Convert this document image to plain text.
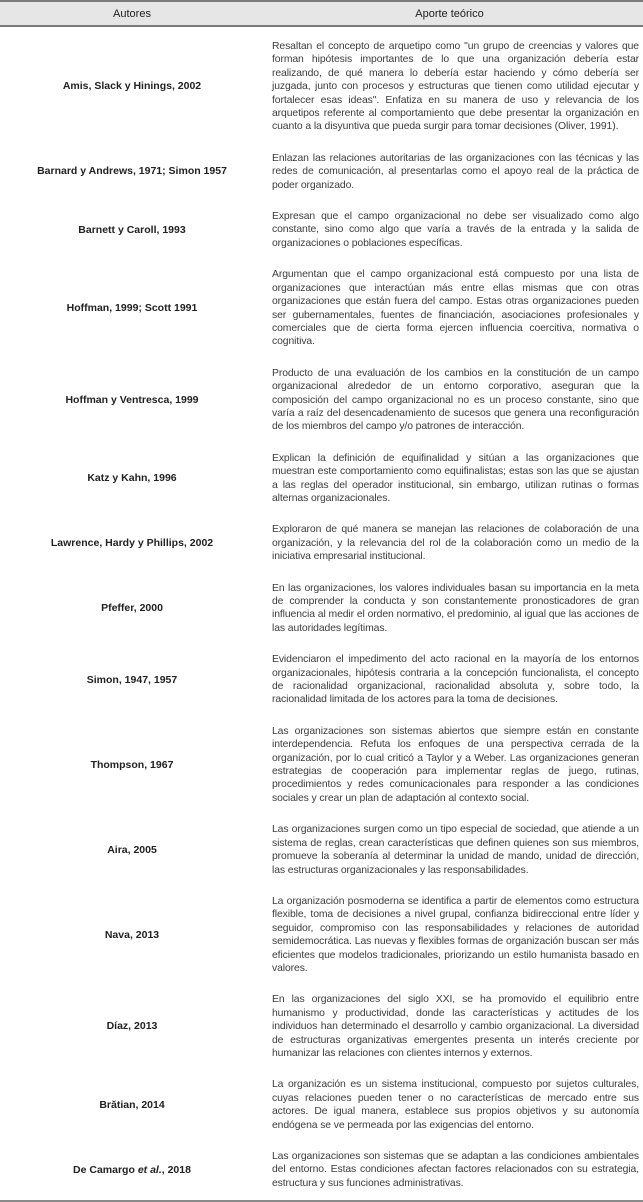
Autores	Aporte teórico
Amis, Slack y Hinings, 2002
Resaltan el concepto de arquetipo como "un grupo de creencias y valores que forman hipótesis importantes de lo que una organización debería estar realizando, de qué manera lo debería estar haciendo y cómo debería ser juzgada, junto con procesos y estructuras que tienen como utilidad ejecutar y fortalecer esas ideas". Enfatiza en su manera de uso y relevancia de los arquetipos referente al comportamiento que debe presentar la organización en cuanto a la disyuntiva que pueda surgir para tomar decisiones (Oliver, 1991).
Barnard y Andrews, 1971; Simon 1957
Enlazan las relaciones autoritarias de las organizaciones con las técnicas y las redes de comunicación, al presentarlas como el apoyo real de la práctica de poder organizado.
Barnett y Caroll, 1993
Expresan que el campo organizacional no debe ser visualizado como algo constante, sino como algo que varía a través de la entrada y la salida de organizaciones o poblaciones específicas.
Hoffman, 1999; Scott 1991
Argumentan que el campo organizacional está compuesto por una lista de organizaciones que interactúan más entre ellas mismas que con otras organizaciones que están fuera del campo. Estas otras organizaciones pueden ser gubernamentales, fuentes de financiación, asociaciones profesionales y comerciales que de cierta forma ejercen influencia coercitiva, normativa o cognitiva.
Hoffman y Ventresca, 1999
Producto de una evaluación de los cambios en la constitución de un campo organizacional alrededor de un entorno corporativo, aseguran que la composición del campo organizacional no es un proceso constante, sino que varía a raíz del desencadenamiento de sucesos que genera una reconfiguración de los miembros del campo y/o patrones de interacción.
Katz y Kahn, 1996
Explican la definición de equifinalidad y sitúan a las organizaciones que muestran este comportamiento como equifinalistas; estas son las que se ajustan a las reglas del operador institucional, sin embargo, utilizan rutinas o formas alternas organizacionales.
Lawrence, Hardy y Phillips, 2002
Exploraron de qué manera se manejan las relaciones de colaboración de una organización, y la relevancia del rol de la colaboración como un medio de la iniciativa empresarial institucional.
Pfeffer, 2000
En las organizaciones, los valores individuales basan su importancia en la meta de comprender la conducta y son constantemente pronosticadores de gran influencia al medir el orden normativo, el predominio, al igual que las acciones de las autoridades legítimas.
Simon, 1947, 1957
Evidenciaron el impedimento del acto racional en la mayoría de los entornos organizacionales, hipótesis contraria a la concepción funcionalista, el concepto de racionalidad organizacional, racionalidad absoluta y, sobre todo, la racionalidad limitada de los actores para la toma de decisiones.
Thompson, 1967
Las organizaciones son sistemas abiertos que siempre están en constante interdependencia. Refuta los enfoques de una perspectiva cerrada de la organización, por lo cual criticó a Taylor y a Weber. Las organizaciones generan estrategias de cooperación para implementar reglas de juego, rutinas, procedimientos y redes comunicacionales para responder a las condiciones sociales y crear un plan de adaptación al contexto social.
Aira, 2005
Las organizaciones surgen como un tipo especial de sociedad, que atiende a un sistema de reglas, crean características que definen quienes son sus miembros, promueve la soberanía al determinar la unidad de mando, unidad de dirección, las estructuras organizacionales y las responsabilidades.
Nava, 2013
La organización posmoderna se identifica a partir de elementos como estructura flexible, toma de decisiones a nivel grupal, confianza bidireccional entre líder y seguidor, compromiso con las responsabilidades y relaciones de autoridad semidemocrática. Las nuevas y flexibles formas de organización buscan ser más eficientes que modelos tradicionales, priorizando un estilo humanista basado en valores.
Díaz, 2013
En las organizaciones del siglo XXI, se ha promovido el equilibrio entre humanismo y productividad, donde las características y actitudes de los individuos han determinado el desarrollo y cambio organizacional. La diversidad de estructuras organizativas emergentes presenta un interés creciente por humanizar las relaciones con clientes internos y externos.
Brătian, 2014
La organización es un sistema institucional, compuesto por sujetos culturales, cuyas relaciones pueden tener o no características de mercado entre sus actores. De igual manera, establece sus propios objetivos y su autonomía endógena se ve permeada por las exigencias del entorno.
De Camargo et al., 2018
Las organizaciones son sistemas que se adaptan a las condiciones ambientales del entorno. Estas condiciones afectan factores relacionados con su estrategia, estructura y sus funciones administrativas.
